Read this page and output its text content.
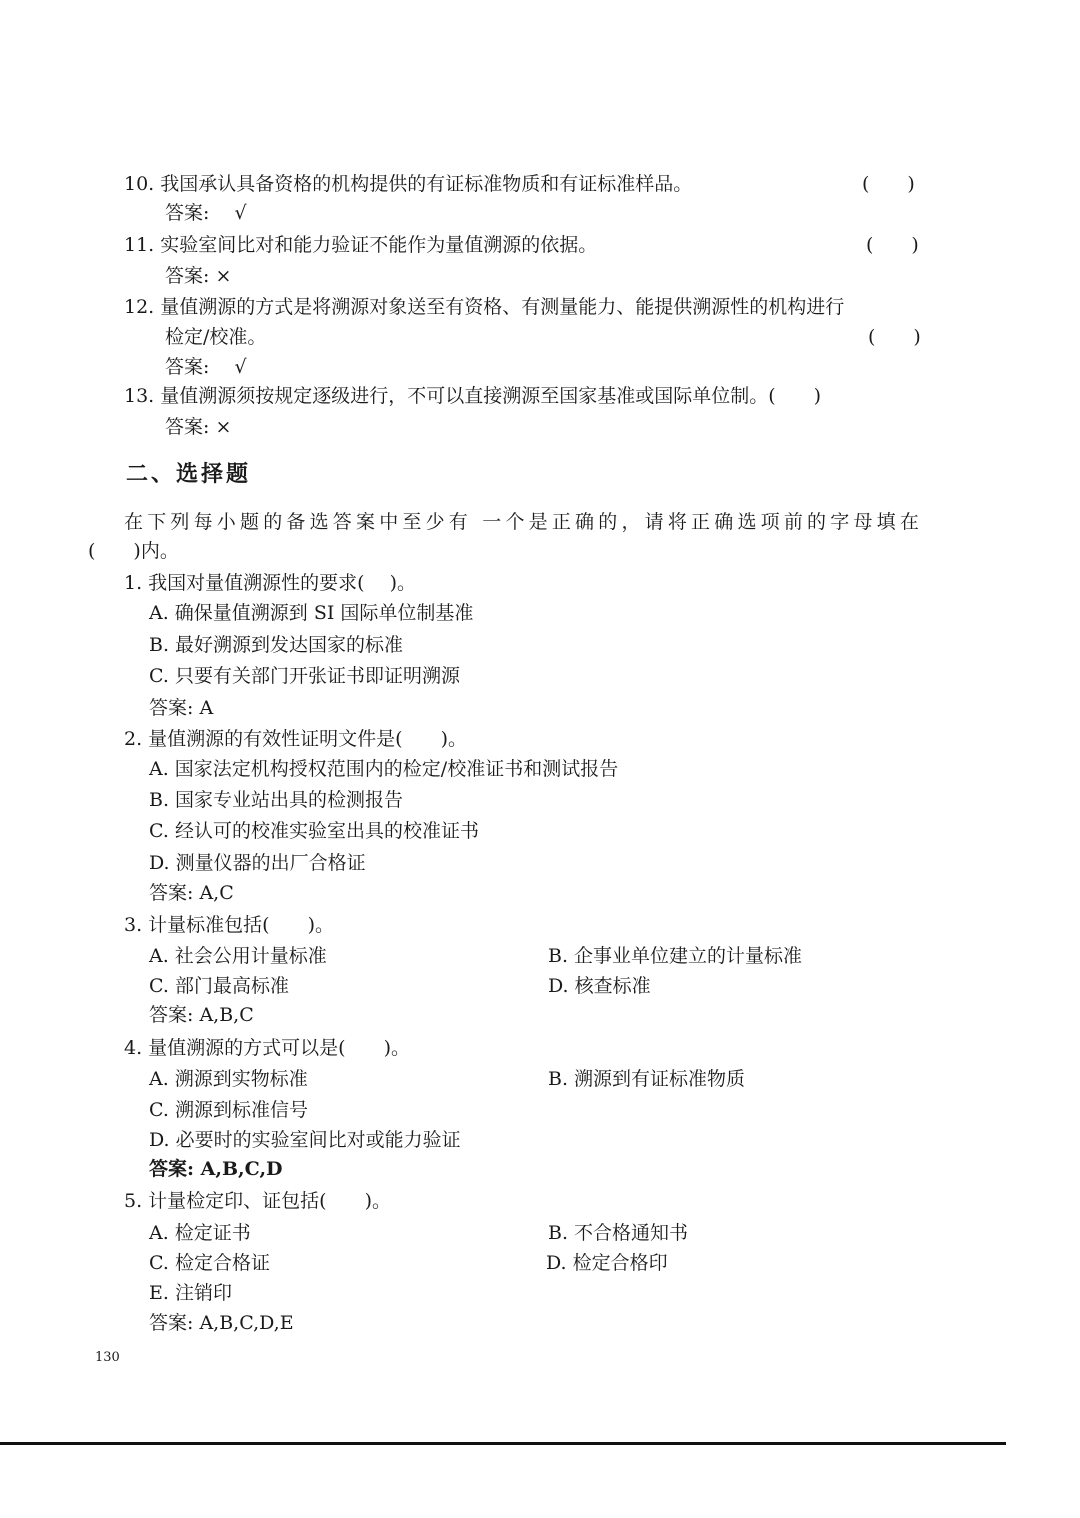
10. 我国承认具备资格的机构提供的有证标准物质和有证标准样品。	(　　)
答案:　 √
11. 实验室间比对和能力验证不能作为量值溯源的依据。	(　　)
答案: ×
12. 量值溯源的方式是将溯源对象送至有资格、有测量能力、能提供溯源性的机构进行
检定/校准。	(　　)
答案:　 √
13. 量值溯源须按规定逐级进行，不可以直接溯源至国家基准或国际单位制。(　　)
答案: ×
二、选择题
在下列每小题的备选答案中至少有 一个是正确的，请将正确选项前的字母填在
(　　)内。
1. 我国对量值溯源性的要求(　 )。
A. 确保量值溯源到 SI 国际单位制基准
B. 最好溯源到发达国家的标准
C. 只要有关部门开张证书即证明溯源
答案: A
2. 量值溯源的有效性证明文件是(　　)。
A. 国家法定机构授权范围内的检定/校准证书和测试报告
B. 国家专业站出具的检测报告
C. 经认可的校准实验室出具的校准证书
D. 测量仪器的出厂合格证
答案: A,C
3. 计量标准包括(　　)。
A. 社会公用计量标准	B. 企事业单位建立的计量标准
C. 部门最高标准	D. 核查标准
答案: A,B,C
4. 量值溯源的方式可以是(　　)。
A. 溯源到实物标准	B. 溯源到有证标准物质
C. 溯源到标准信号
D. 必要时的实验室间比对或能力验证
答案: A,B,C,D
5. 计量检定印、证包括(　　)。
A. 检定证书	B. 不合格通知书
C. 检定合格证	D. 检定合格印
E. 注销印
答案: A,B,C,D,E
130
